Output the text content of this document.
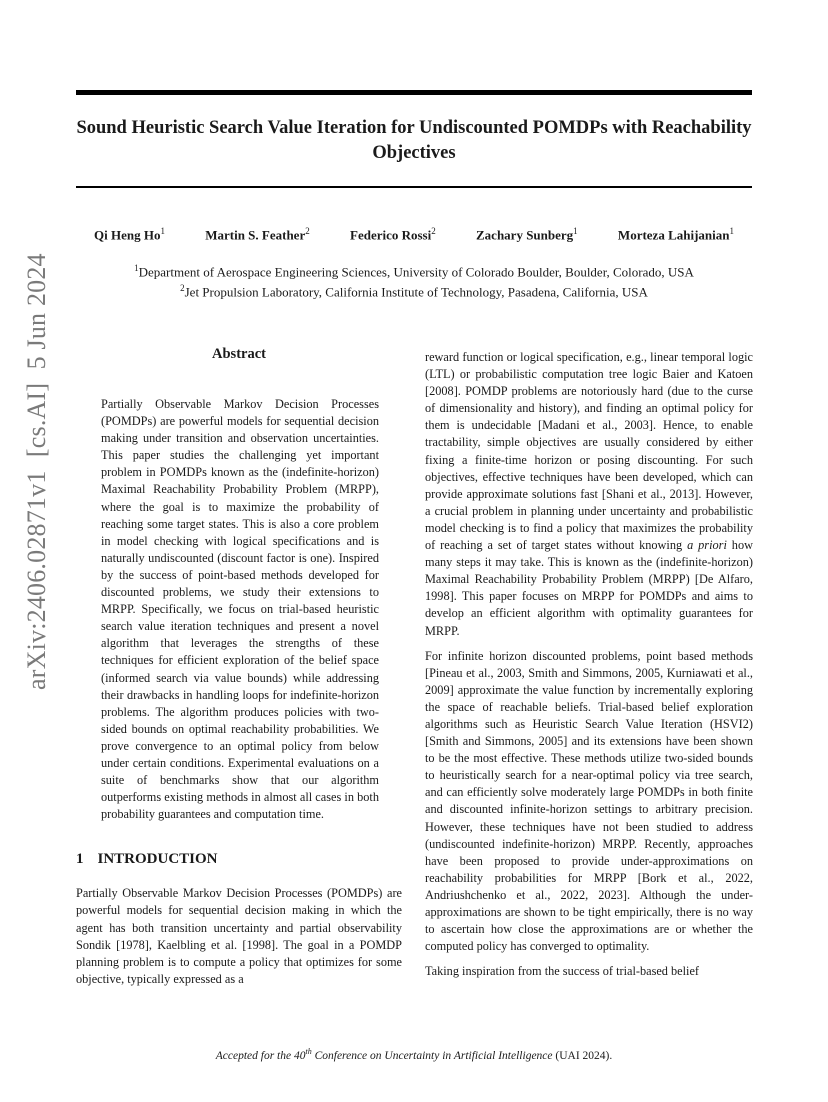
Sound Heuristic Search Value Iteration for Undiscounted POMDPs with Reachability Objectives
Qi Heng Ho$^1$	Martin S. Feather$^2$	Federico Rossi$^2$	Zachary Sunberg$^1$	Morteza Lahijanian$^1$
$^1$Department of Aerospace Engineering Sciences, University of Colorado Boulder, Boulder, Colorado, USA
$^2$Jet Propulsion Laboratory, California Institute of Technology, Pasadena, California, USA
arXiv:2406.02871v1  [cs.AI]  5 Jun 2024	Abstract
Partially Observable Markov Decision Processes (POMDPs) are powerful models for sequential decision making under transition and observation uncertainties. This paper studies the challenging yet important problem in POMDPs known as the (indefinite-horizon) Maximal Reachability Probability Problem (MRPP), where the goal is to maximize the probability of reaching some target states. This is also a core problem in model checking with logical specifications and is naturally undiscounted (discount factor is one). Inspired by the success of point-based methods developed for discounted problems, we study their extensions to MRPP. Specifically, we focus on trial-based heuristic search value iteration techniques and present a novel algorithm that leverages the strengths of these techniques for efficient exploration of the belief space (informed search via value bounds) while addressing their drawbacks in handling loops for indefinite-horizon problems. The algorithm produces policies with two-sided bounds on optimal reachability probabilities. We prove convergence to an optimal policy from below under certain conditions. Experimental evaluations on a suite of benchmarks show that our algorithm outperforms existing methods in almost all cases in both probability guarantees and computation time.
1 INTRODUCTION

Partially Observable Markov Decision Processes (POMDPs) are powerful models for sequential decision making in which the agent has both transition uncertainty and partial observability Sondik [1978], Kaelbling et al. [1998]. The goal in a POMDP planning problem is to compute a policy that optimizes for some objective, typically expressed as a

reward function or logical specification, e.g., linear temporal logic (LTL) or probabilistic computation tree logic Baier and Katoen [2008]. POMDP problems are notoriously hard (due to the curse of dimensionality and history), and finding an optimal policy for them is undecidable [Madani et al., 2003]. Hence, to enable tractability, simple objectives are usually considered by either fixing a finite-time horizon or posing discounting. For such objectives, effective techniques have been developed, which can provide approximate solutions fast [Shani et al., 2013]. However, a crucial problem in planning under uncertainty and probabilistic model checking is to find a policy that maximizes the probability of reaching a set of target states without knowing a priori how many steps it may take. This is known as the (indefinite-horizon) Maximal Reachability Probability Problem (MRPP) [De Alfaro, 1998]. This paper focuses on MRPP for POMDPs and aims to develop an efficient algorithm with optimality guarantees for MRPP.

For infinite horizon discounted problems, point based methods [Pineau et al., 2003, Smith and Simmons, 2005, Kurniawati et al., 2009] approximate the value function by incrementally exploring the space of reachable beliefs. Trial-based belief exploration algorithms such as Heuristic Search Value Iteration (HSVI2) [Smith and Simmons, 2005] and its extensions have been shown to be the most effective. These methods utilize two-sided bounds to heuristically search for a near-optimal policy via tree search, and can efficiently solve moderately large POMDPs in both finite and discounted infinite-horizon settings to arbitrary precision. However, these techniques have not been studied to address (undiscounted indefinite-horizon) MRPP. Recently, approaches have been proposed to provide under-approximations on reachability probabilities for MRPP [Bork et al., 2022, Andriushchenko et al., 2022, 2023]. Although the under-approximations are shown to be tight empirically, there is no way to ascertain how close the approximations are or whether the computed policy has converged to optimality.

Taking inspiration from the success of trial-based belief

Accepted for the 40th Conference on Uncertainty in Artificial Intelligence (UAI 2024).
